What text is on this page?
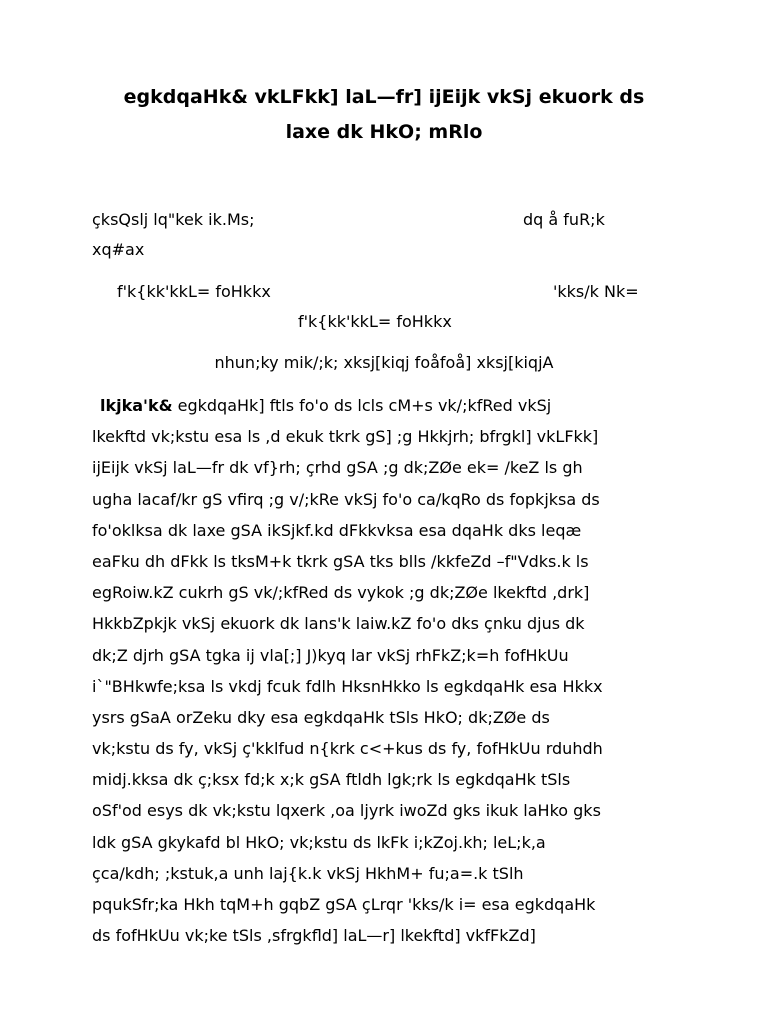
egkdqaHk& vkLFkk] laL—fr] ijEijk vkSj ekuork ds
laxe dk HkO; mRlo
çksQslj lq"kek ik.Ms;	dq å fuR;k
xq#ax
f'k{kk'kkL= foHkkx	'kks/k Nk=
f'k{kk'kkL= foHkkx
nhun;ky mik/;k; xksj[kiqj foåfoå] xksj[kiqjA
lkjka'k& egkdqaHk] ftls fo'o ds lcls cM+s vk/;kfRed vkSj
lkekftd vk;kstu esa ls ,d ekuk tkrk gS] ;g Hkkjrh; bfrgkl] vkLFkk]
ijEijk vkSj laL—fr dk vf}rh; çrhd gSA ;g dk;ZØe ek= /keZ ls gh
ugha lacaf/kr gS vfirq ;g v/;kRe vkSj fo'o ca/kqRo ds fopkjksa ds
fo'oklksa dk laxe gSA ikSjkf.kd dFkkvksa esa dqaHk dks leqæ
eaFku dh dFkk ls tksM+k tkrk gSA tks blls /kkfeZd –f"Vdks.k ls
egRoiw.kZ cukrh gS vk/;kfRed ds vykok ;g dk;ZØe lkekftd ,drk]
HkkbZpkjk vkSj ekuork dk lans'k laiw.kZ fo'o dks çnku djus dk
dk;Z djrh gSA tgka ij vla[;] J)kyq lar vkSj rhFkZ;k=h fofHkUu
i`"BHkwfe;ksa ls vkdj fcuk fdlh HksnHkko ls egkdqaHk esa Hkkx
ysrs gSaA orZeku dky esa egkdqaHk tSls HkO; dk;ZØe ds
vk;kstu ds fy, vkSj ç'kklfud n{krk c<+kus ds fy, fofHkUu rduhdh
midj.kksa dk ç;ksx fd;k x;k gSA ftldh lgk;rk ls egkdqaHk tSls
oSf'od esys dk vk;kstu lqxerk ,oa ljyrk iwoZd gks ikuk laHko gks
ldk gSA gkykafd bl HkO; vk;kstu ds lkFk i;kZoj.kh; leL;k,a
çca/kdh; ;kstuk,a unh laj{k.k vkSj HkhM+ fu;a=.k tSlh
pqukSfr;ka Hkh tqM+h gqbZ gSA çLrqr 'kks/k i= esa egkdqaHk
ds fofHkUu vk;ke tSls ,sfrgkfld] laL—r] lkekftd] vkfFkZd]
